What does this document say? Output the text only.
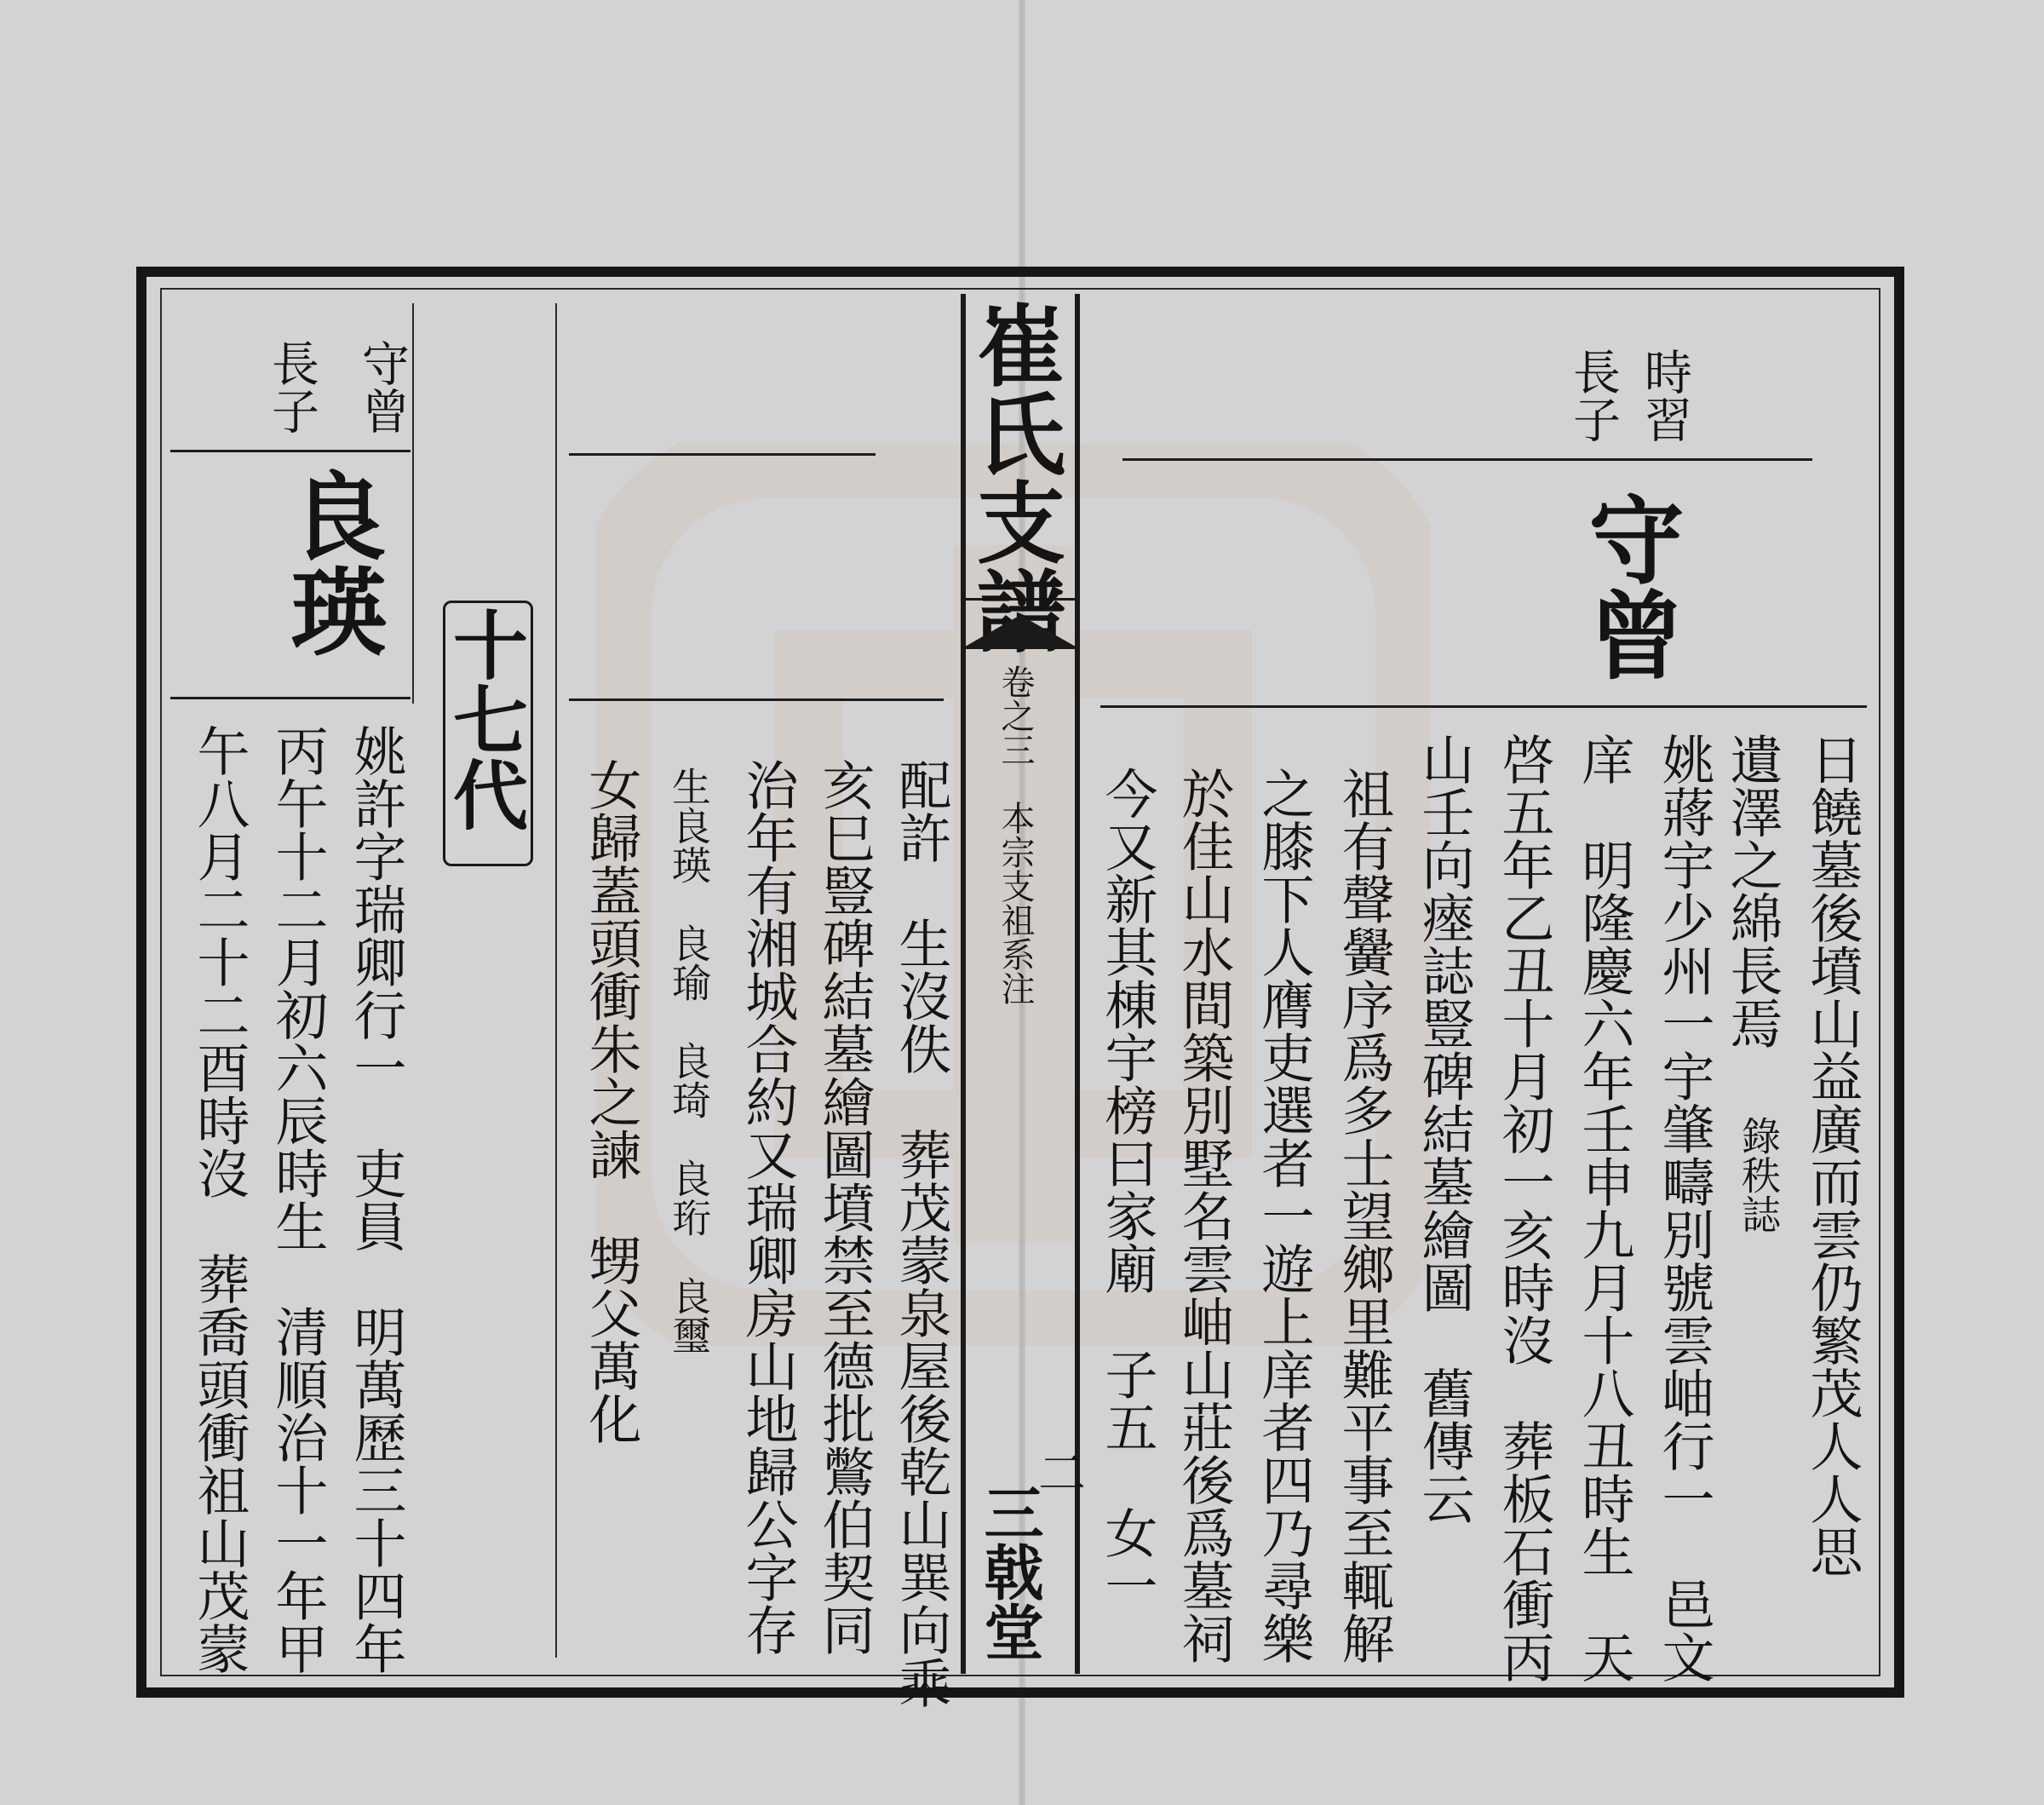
崔氏支譜
卷之三　本宗支祖系注
二
三戟堂
時習
長子
守曾
日饒墓後墳山益廣而雲仍繁茂人人思
遺澤之綿長焉
錄秩誌
姚蔣宇少州一宇肇疇別號雲岫行一　邑文
庠　明隆慶六年壬申九月十八丑時生　天
啓五年乙丑十月初一亥時沒　葬板石衝丙
山壬向瘞誌豎碑結墓繪圖　舊傳云
祖有聲黌序爲多士望鄉里難平事至輒解
之膝下人膺吏選者一遊上庠者四乃尋樂
於佳山水間築別墅名雲岫山莊後爲墓祠
今又新其棟宇榜曰家廟　子五　女一
配許　生沒佚　葬茂蒙泉屋後乾山巽向乘
亥巳豎碑結墓繪圖墳禁至德批鷩伯契同
治年有湘城合約又瑞卿房山地歸公字存
生良瑛　良瑜　良琦　良珩　良璽
女歸蓋頭衝朱之諫　甥父萬化
十七代
守曾
長子
良瑛
姚許字瑞卿行一　吏員　明萬歷三十四年
丙午十二月初六辰時生　清順治十一年甲
午八月二十二酉時沒　葬喬頭衝祖山茂蒙
